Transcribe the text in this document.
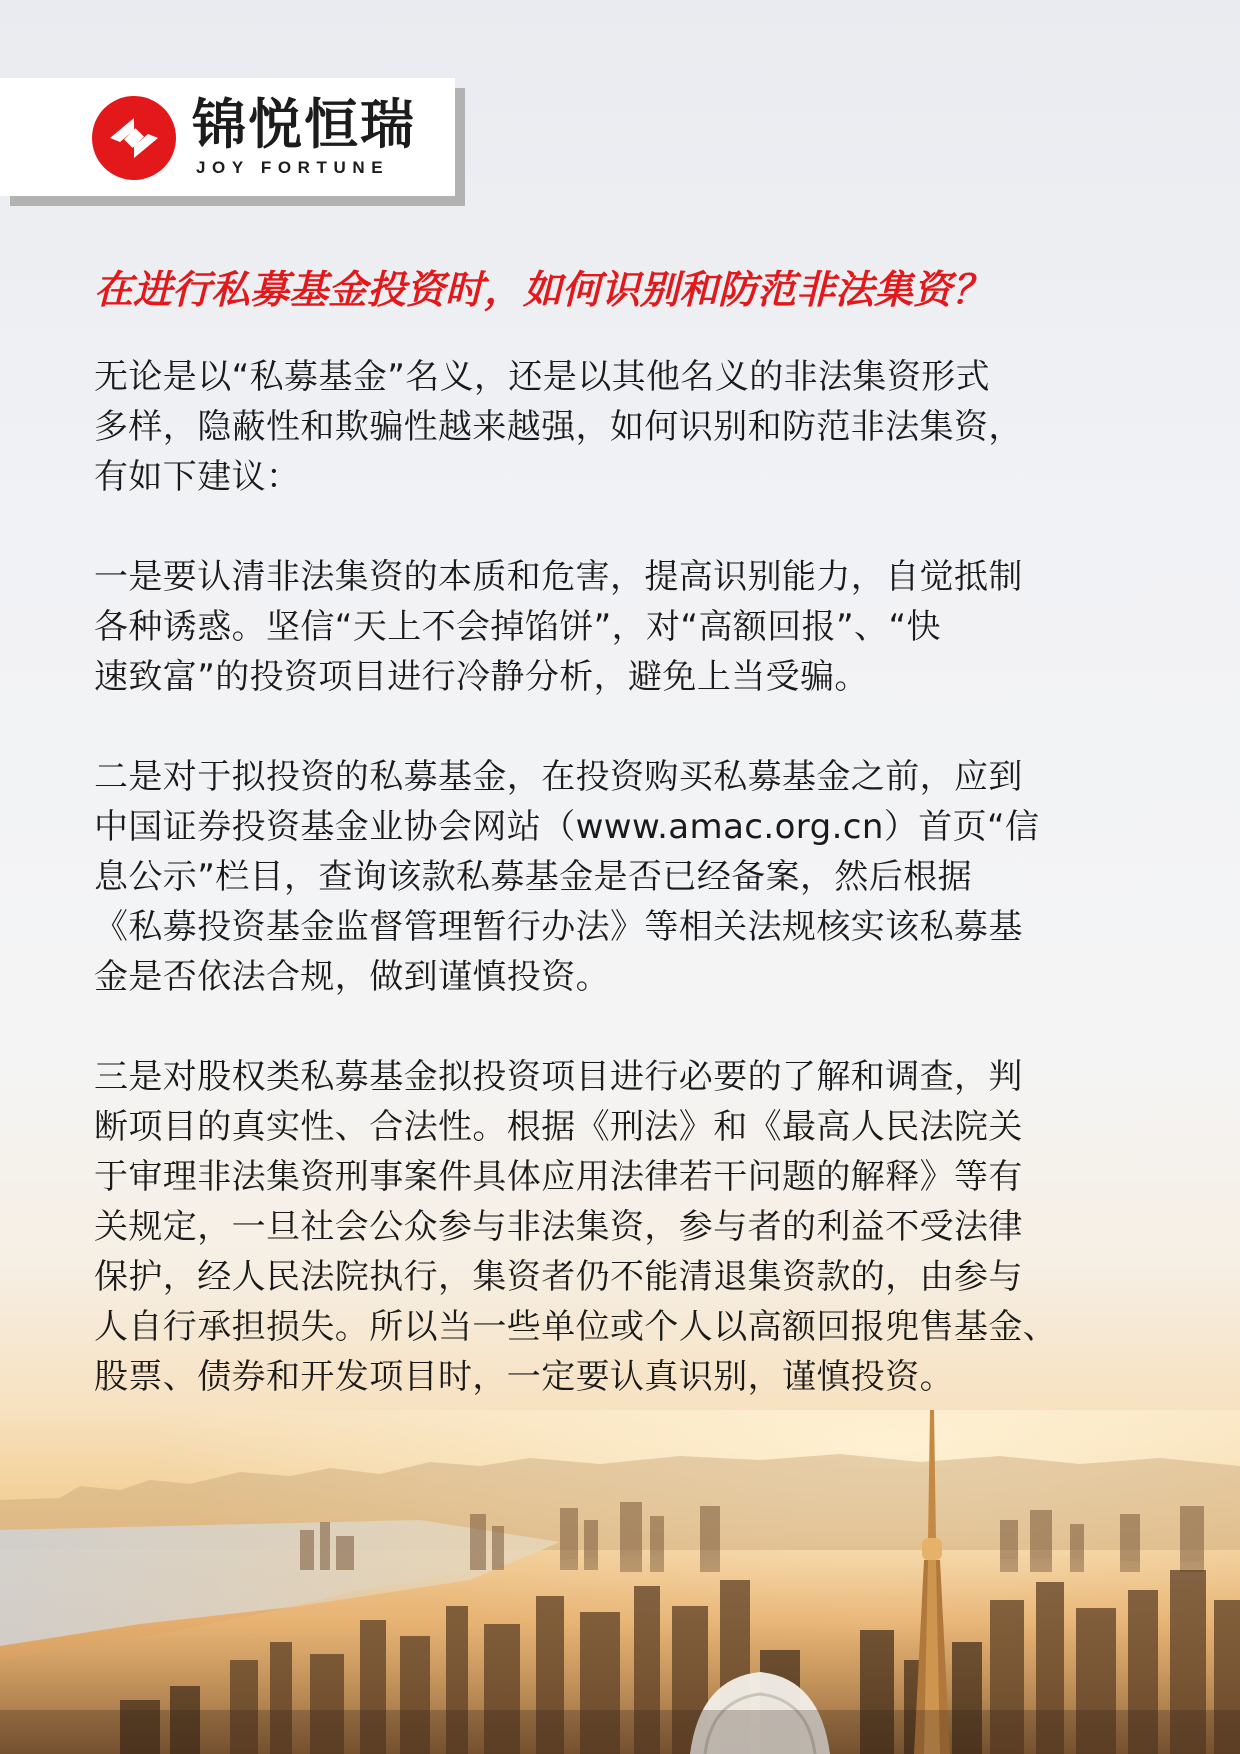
锦悦恒瑞
JOY FORTUNE
在进行私募基金投资时，如何识别和防范非法集资？

无论是以“私募基金”名义，还是以其他名义的非法集资形式
多样，隐蔽性和欺骗性越来越强，如何识别和防范非法集资，
有如下建议：

一是要认清非法集资的本质和危害，提高识别能力，自觉抵制
各种诱惑。坚信“天上不会掉馅饼”，对“高额回报”、“快
速致富”的投资项目进行冷静分析，避免上当受骗。

二是对于拟投资的私募基金，在投资购买私募基金之前，应到
中国证券投资基金业协会网站（www.amac.org.cn）首页“信
息公示”栏目，查询该款私募基金是否已经备案，然后根据
《私募投资基金监督管理暂行办法》等相关法规核实该私募基
金是否依法合规，做到谨慎投资。

三是对股权类私募基金拟投资项目进行必要的了解和调查，判
断项目的真实性、合法性。根据《刑法》和《最高人民法院关
于审理非法集资刑事案件具体应用法律若干问题的解释》等有
关规定，一旦社会公众参与非法集资，参与者的利益不受法律
保护，经人民法院执行，集资者仍不能清退集资款的，由参与
人自行承担损失。所以当一些单位或个人以高额回报兜售基金、
股票、债券和开发项目时，一定要认真识别，谨慎投资。
